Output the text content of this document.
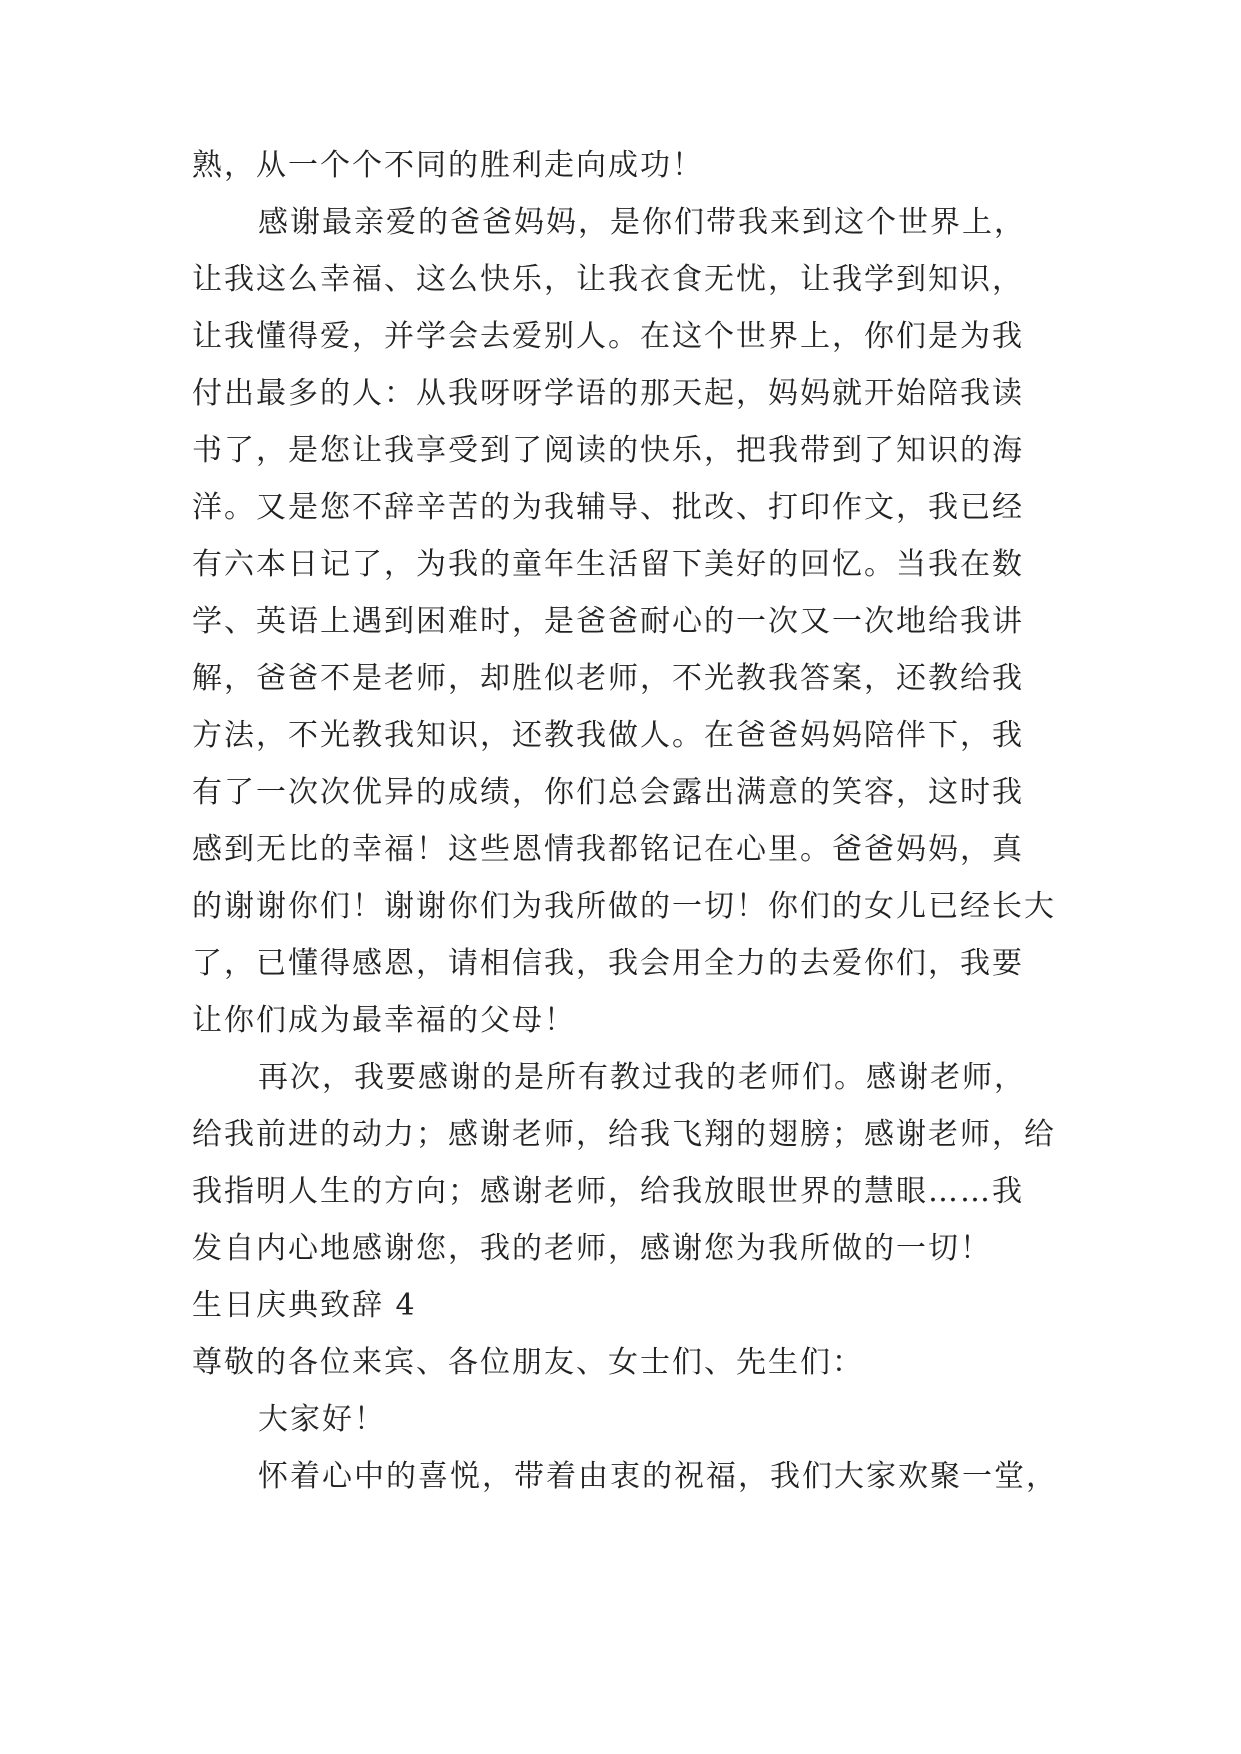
熟，从一个个不同的胜利走向成功！
感谢最亲爱的爸爸妈妈，是你们带我来到这个世界上，
让我这么幸福、这么快乐，让我衣食无忧，让我学到知识，
让我懂得爱，并学会去爱别人。在这个世界上，你们是为我
付出最多的人：从我呀呀学语的那天起，妈妈就开始陪我读
书了，是您让我享受到了阅读的快乐，把我带到了知识的海
洋。又是您不辞辛苦的为我辅导、批改、打印作文，我已经
有六本日记了，为我的童年生活留下美好的回忆。当我在数
学、英语上遇到困难时，是爸爸耐心的一次又一次地给我讲
解，爸爸不是老师，却胜似老师，不光教我答案，还教给我
方法，不光教我知识，还教我做人。在爸爸妈妈陪伴下，我
有了一次次优异的成绩，你们总会露出满意的笑容，这时我
感到无比的幸福！这些恩情我都铭记在心里。爸爸妈妈，真
的谢谢你们！谢谢你们为我所做的一切！你们的女儿已经长大
了，已懂得感恩，请相信我，我会用全力的去爱你们，我要
让你们成为最幸福的父母！
再次，我要感谢的是所有教过我的老师们。感谢老师，
给我前进的动力；感谢老师，给我飞翔的翅膀；感谢老师，给
我指明人生的方向；感谢老师，给我放眼世界的慧眼……我
发自内心地感谢您，我的老师，感谢您为我所做的一切！
生日庆典致辞 4
尊敬的各位来宾、各位朋友、女士们、先生们：
大家好！
怀着心中的喜悦，带着由衷的祝福，我们大家欢聚一堂，
